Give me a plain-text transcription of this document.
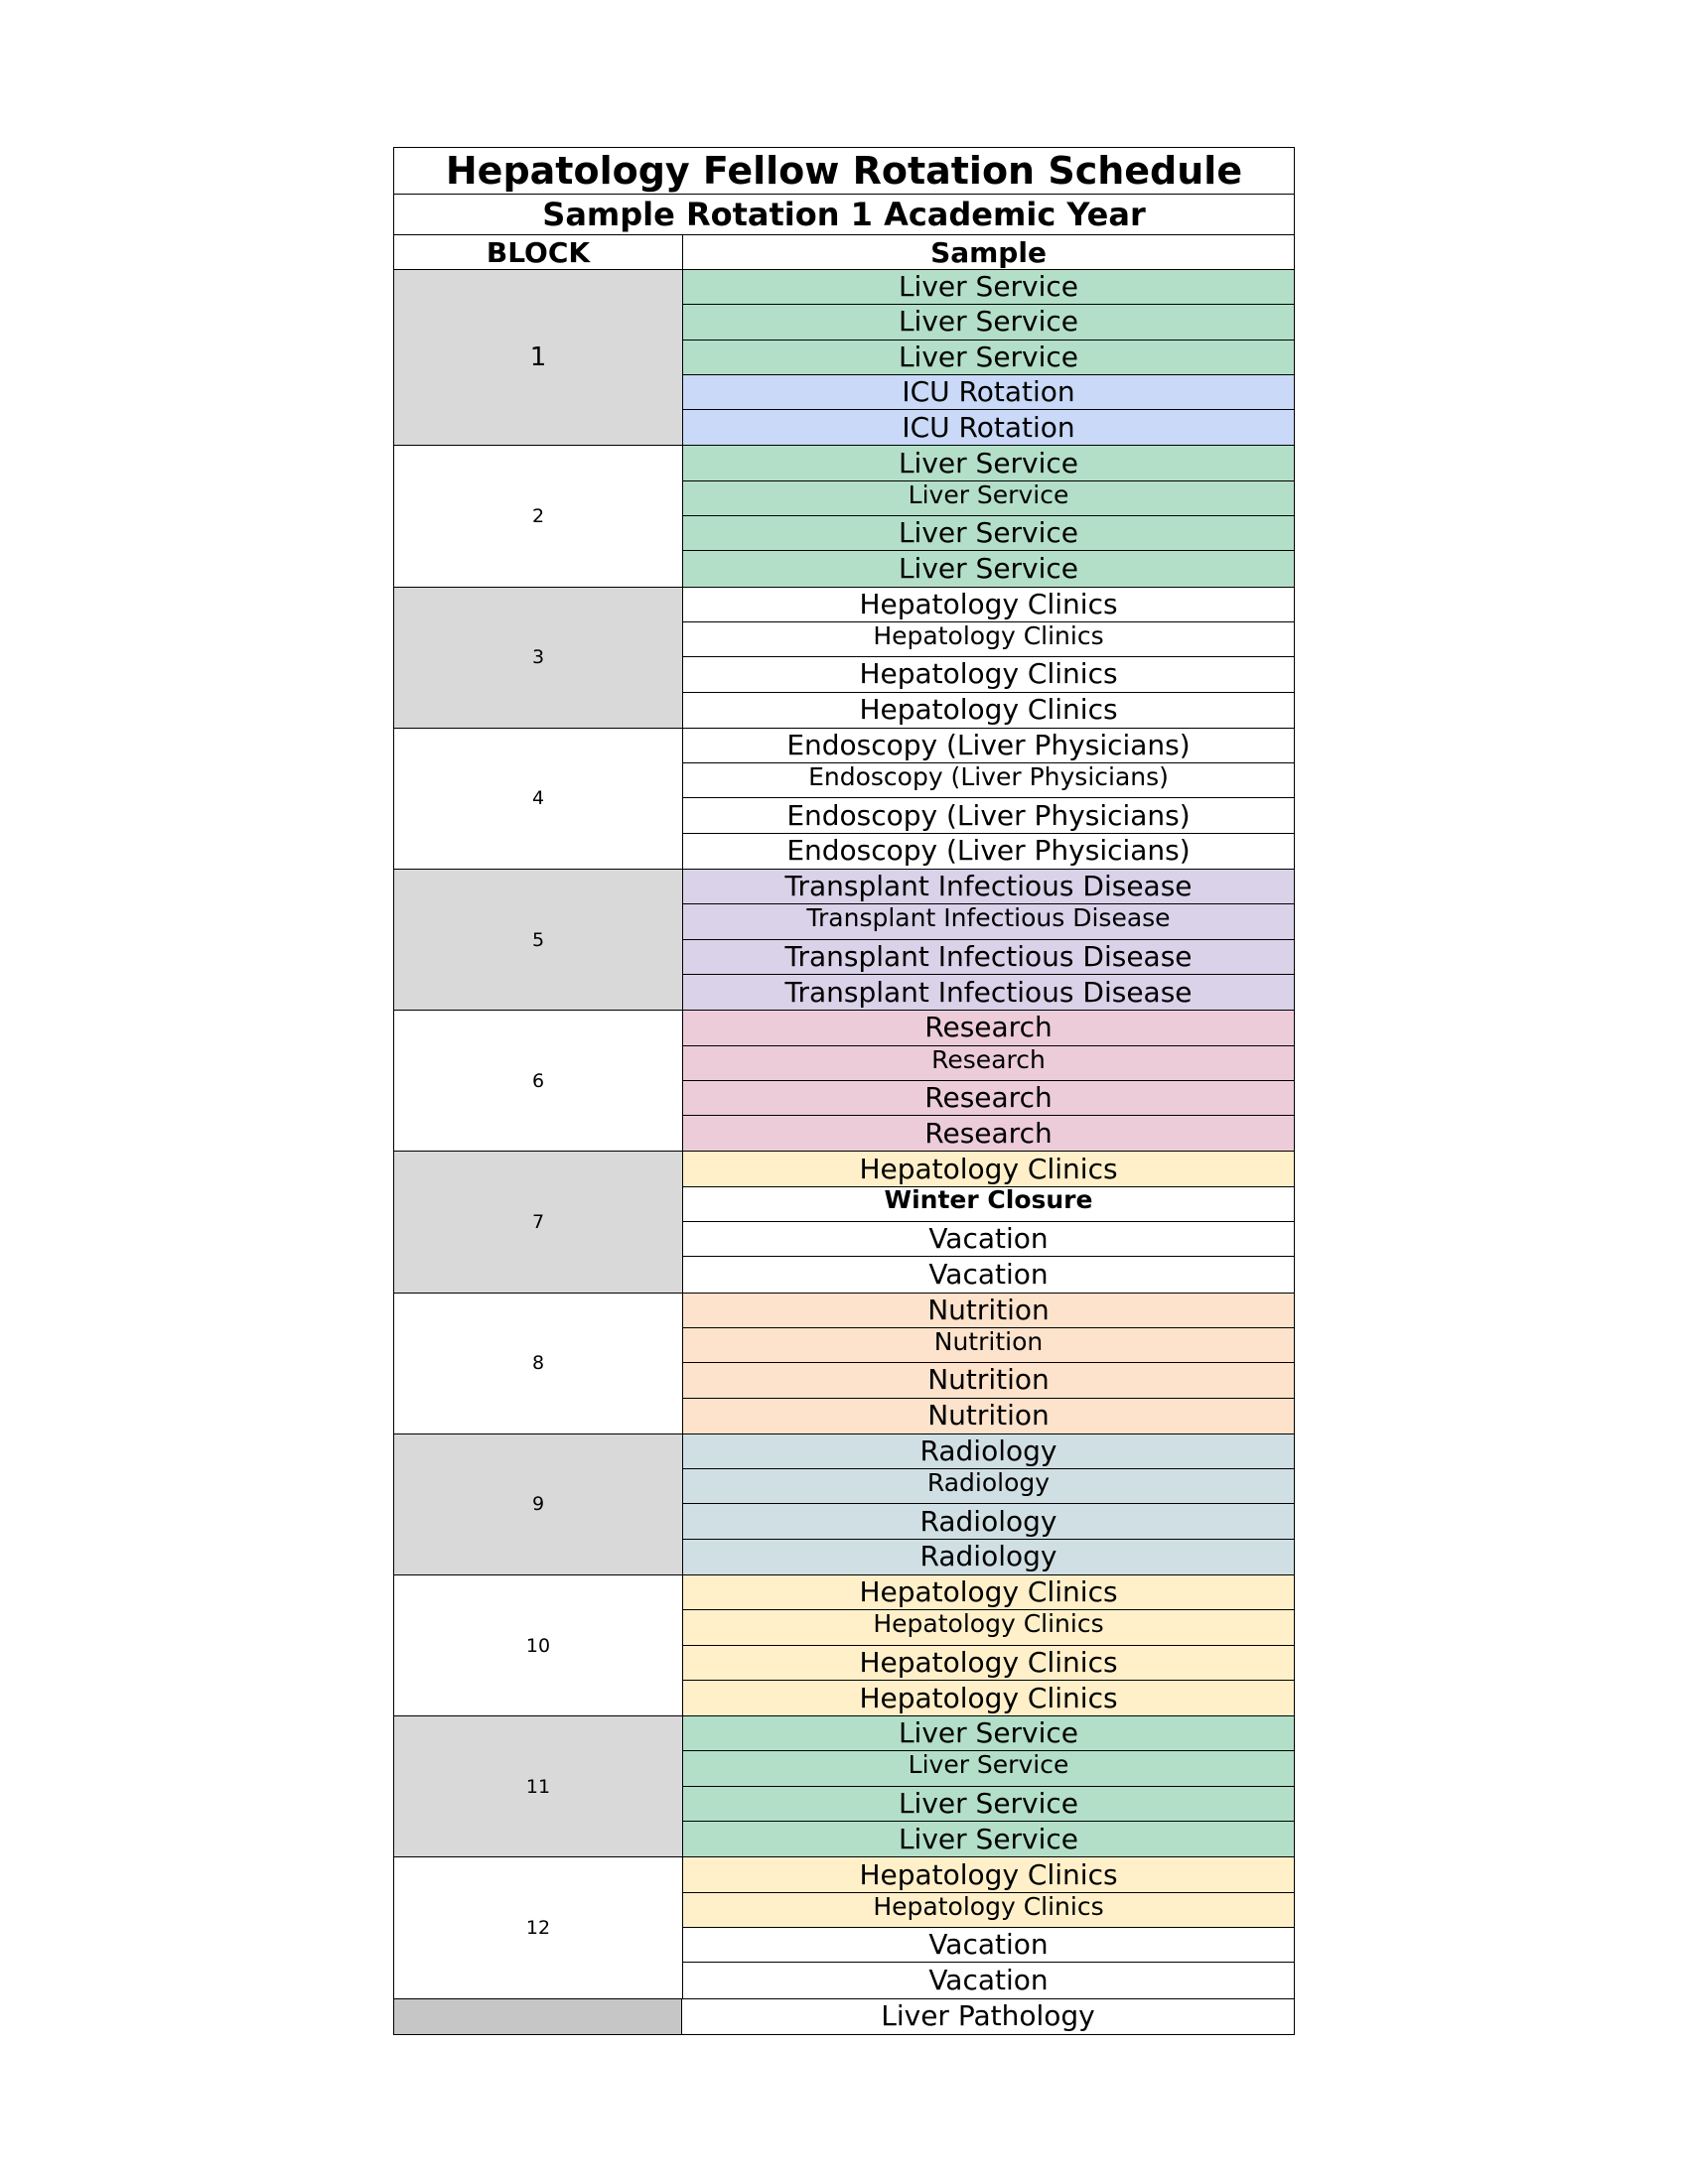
Hepatology Fellow Rotation Schedule
Sample Rotation 1 Academic Year
BLOCK	Sample
1
Liver Service
Liver Service
Liver Service
ICU Rotation
ICU Rotation
2
Liver Service
Liver Service
Liver Service
Liver Service
3
Hepatology Clinics
Hepatology Clinics
Hepatology Clinics
Hepatology Clinics
4
Endoscopy (Liver Physicians)
Endoscopy (Liver Physicians)
Endoscopy (Liver Physicians)
Endoscopy (Liver Physicians)
5
Transplant Infectious Disease
Transplant Infectious Disease
Transplant Infectious Disease
Transplant Infectious Disease
6
Research
Research
Research
Research
7
Hepatology Clinics
Winter Closure
Vacation
Vacation
8
Nutrition
Nutrition
Nutrition
Nutrition
9
Radiology
Radiology
Radiology
Radiology
10
Hepatology Clinics
Hepatology Clinics
Hepatology Clinics
Hepatology Clinics
11
Liver Service
Liver Service
Liver Service
Liver Service
12
Hepatology Clinics
Hepatology Clinics
Vacation
Vacation
Liver Pathology
